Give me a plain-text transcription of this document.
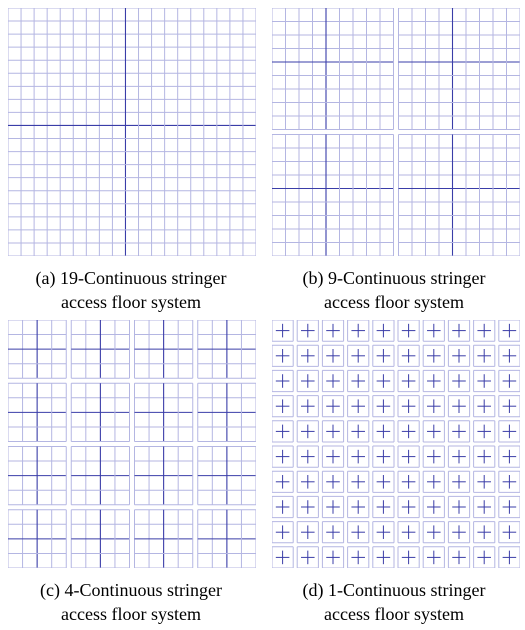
(a) 19-Continuous stringer
access floor system
(b) 9-Continuous stringer
access floor system
(c) 4-Continuous stringer
access floor system
(d) 1-Continuous stringer
access floor system
